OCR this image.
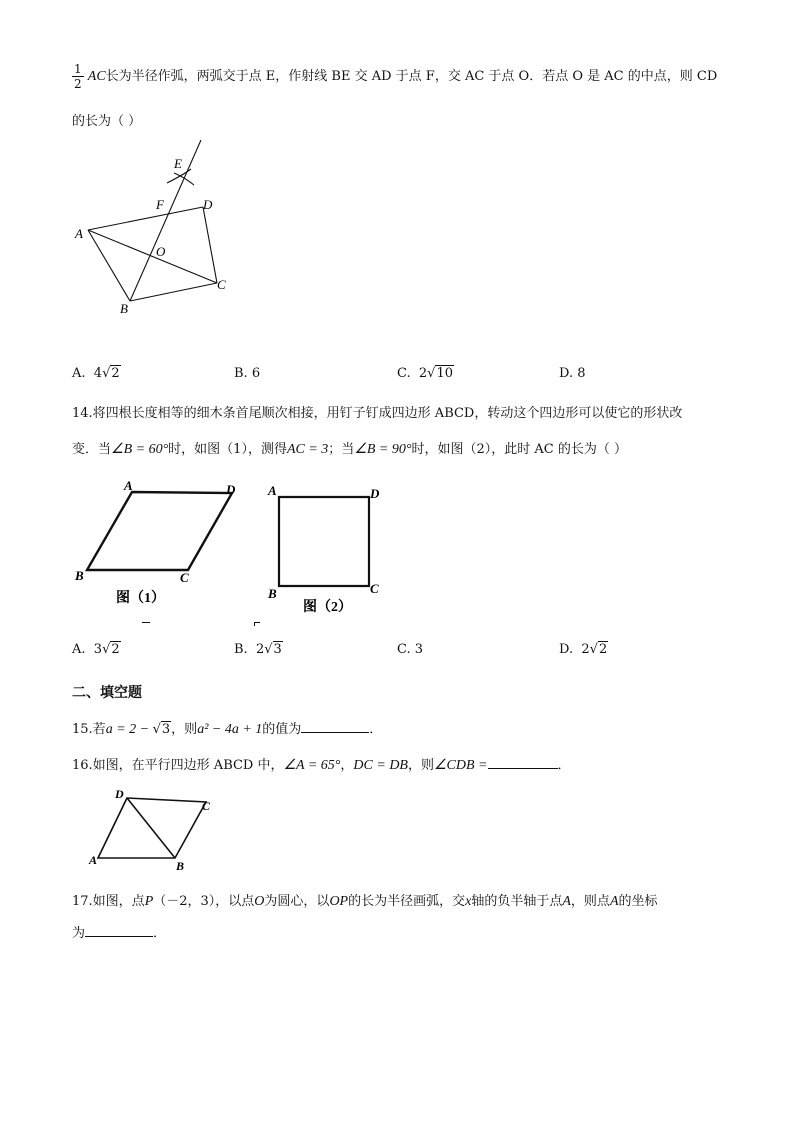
$\frac{1}{2}$ AC长为半径作弧，两弧交于点 E，作射线 BE 交 AD 于点 F，交 AC 于点 O．若点 O 是 AC 的中点，则 CD
的长为（ ）
E
F	D
A
O
C
B
A. 4√2	B. 6	C. 2√10	D. 8
14.将四根长度相等的细木条首尾顺次相接，用钉子钉成四边形 ABCD，转动这个四边形可以使它的形状改
变．当∠B = 60°时，如图（1），测得AC = 3；当∠B = 90°时，如图（2），此时 AC 的长为（ ）
A	D
B	C
图（1）
A	D
B	C
图（2）
A. 3√2	B. 2√3	C. 3	D. 2√2
二、填空题
15.若a = 2 − √3，则a² − 4a + 1的值为	．
16.如图，在平行四边形 ABCD 中，∠A = 65°，DC = DB，则∠CDB =	．
D
C
A	B
17.如图，点P（－2，3），以点O为圆心，以OP的长为半径画弧，交x轴的负半轴于点A，则点A的坐标
为	．
